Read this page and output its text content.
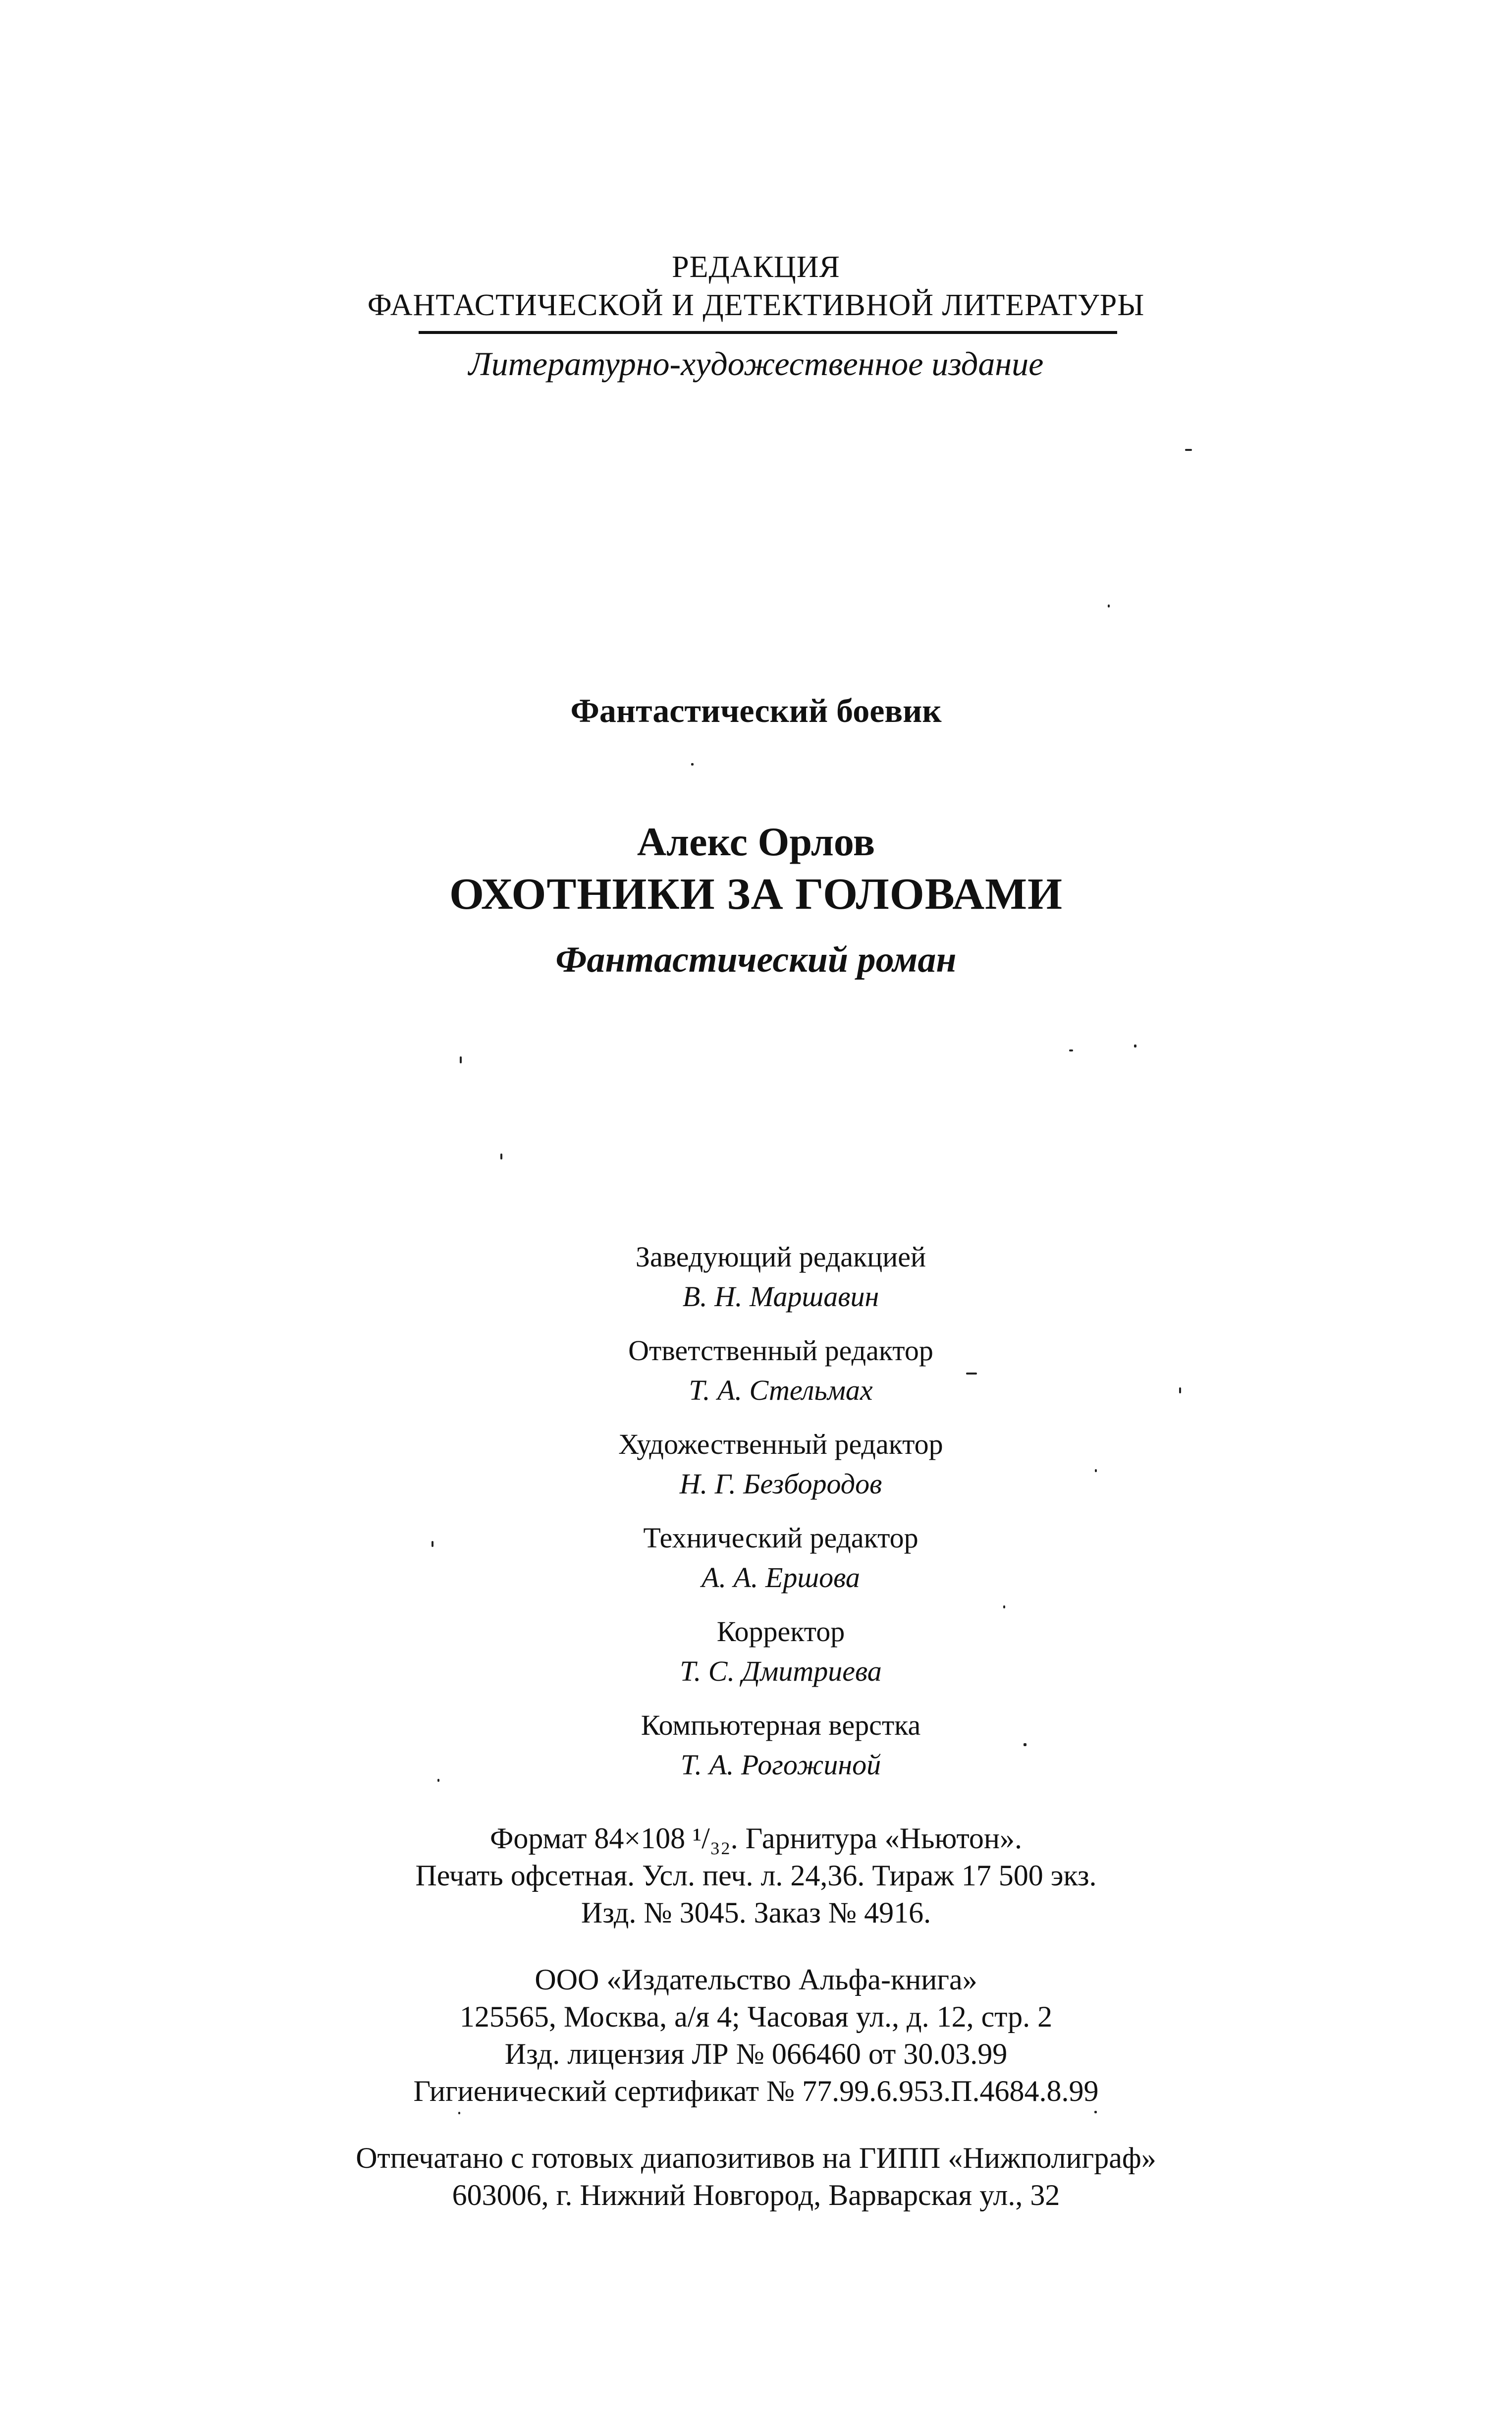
РЕДАКЦИЯ
ФАНТАСТИЧЕСКОЙ И ДЕТЕКТИВНОЙ ЛИТЕРАТУРЫ
Литературно-художественное издание
Фантастический боевик
Алекс Орлов
ОХОТНИКИ ЗА ГОЛОВАМИ
Фантастический роман
Заведующий редакцией
В. Н. Маршавин
Ответственный редактор
Т. А. Стельмах
Художественный редактор
Н. Г. Безбородов
Технический редактор
А. А. Ершова
Корректор
Т. С. Дмитриева
Компьютерная верстка
Т. А. Рогожиной
Формат 84×108 ¹/₃₂. Гарнитура «Ньютон».
Печать офсетная. Усл. печ. л. 24,36. Тираж 17 500 экз.
Изд. № 3045. Заказ № 4916.
ООО «Издательство Альфа-книга»
125565, Москва, а/я 4; Часовая ул., д. 12, стр. 2
Изд. лицензия ЛР № 066460 от 30.03.99
Гигиенический сертификат № 77.99.6.953.П.4684.8.99
Отпечатано с готовых диапозитивов на ГИПП «Нижполиграф»
603006, г. Нижний Новгород, Варварская ул., 32
